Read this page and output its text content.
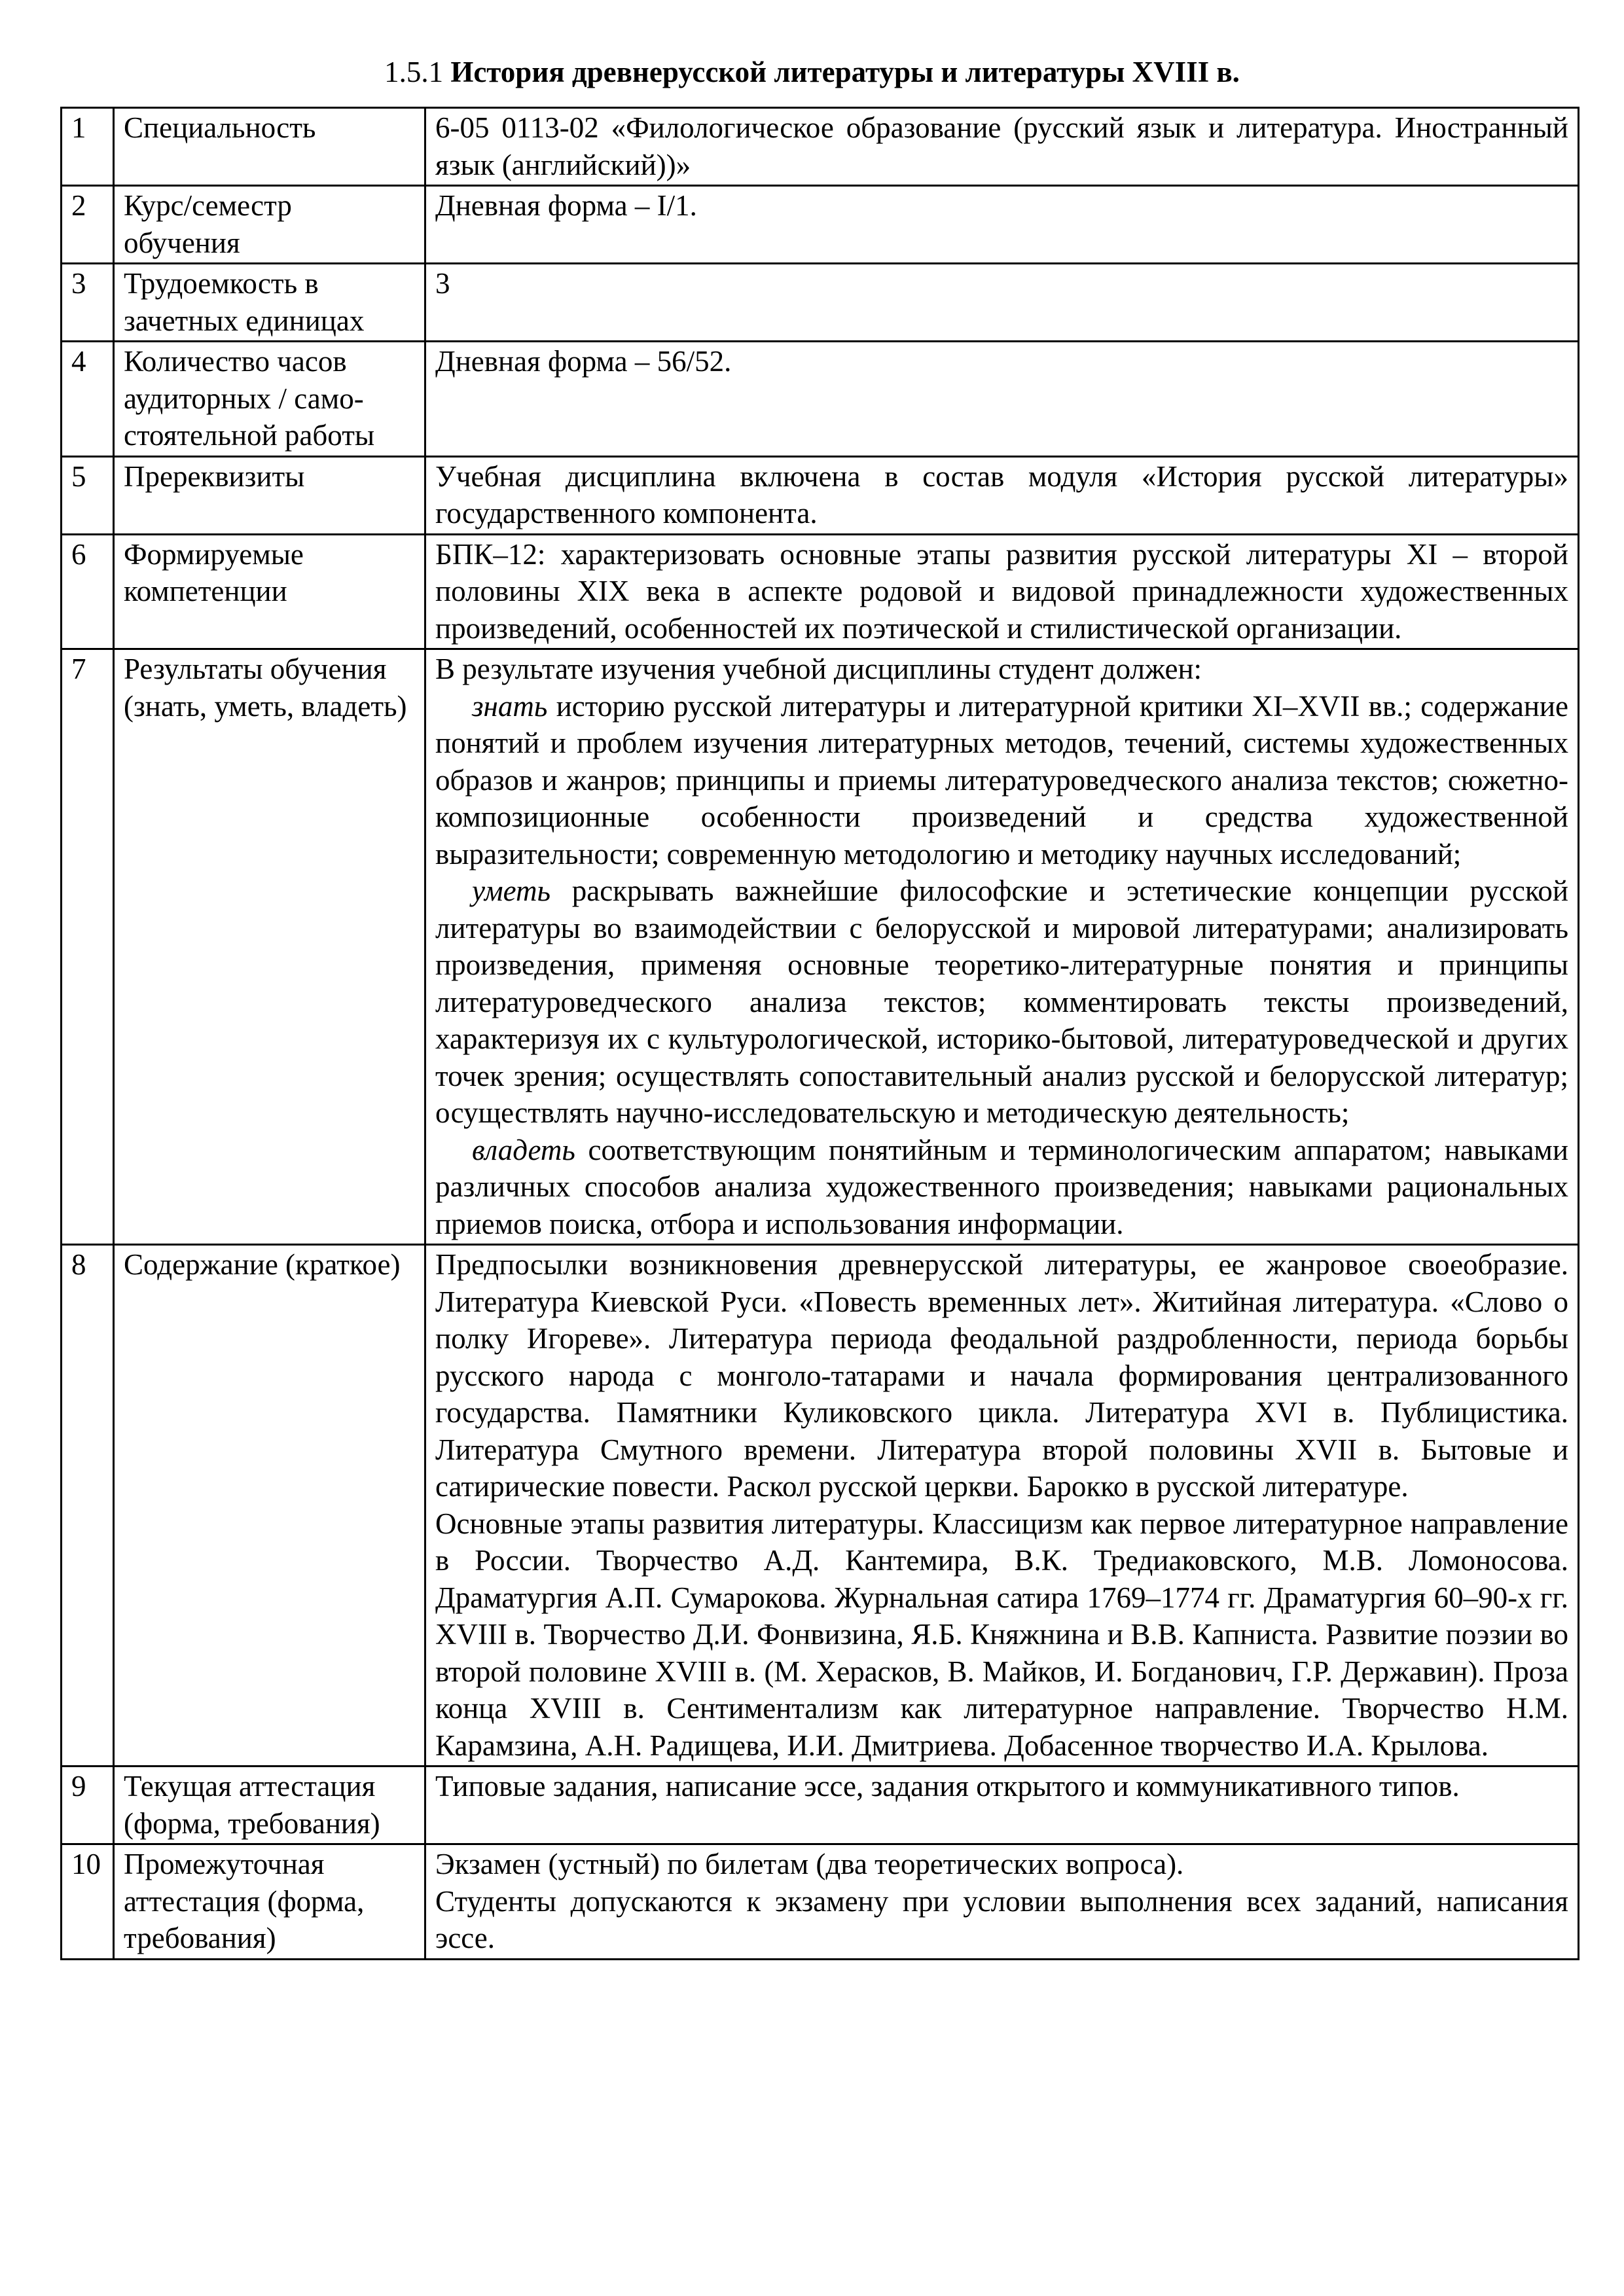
1.5.1 История древнерусской литературы и литературы XVIII в.
1	Специальность	6-05 0113-02 «Филологическое образование (русский язык и литература. Иностранный язык (английский))»

2	Курс/семестр обучения	Дневная форма – I/1.

3	Трудоемкость в зачетных единицах	3

4	Количество часов аудиторных / само-стоятельной работы	Дневная форма – 56/52.

5	Пререквизиты	Учебная дисциплина включена в состав модуля «История русской литературы» государственного компонента.

6	Формируемые компетенции	БПК–12: характеризовать основные этапы развития русской литературы XI – второй половины XIX века в аспекте родовой и видовой принадлежности художественных произведений, особенностей их поэтической и стилистической организации.

7	Результаты обучения (знать, уметь, владеть)	В результате изучения учебной дисциплины студент должен:
знать историю русской литературы и литературной критики XI–XVII вв.; содержание понятий и проблем изучения литературных методов, течений, системы художественных образов и жанров; принципы и приемы литературоведческого анализа текстов; сюжетно-композиционные особенности произведений и средства художественной выразительности; современную методологию и методику научных исследований;
уметь раскрывать важнейшие философские и эстетические концепции русской литературы во взаимодействии с белорусской и мировой литературами; анализировать произведения, применяя основные теоретико-литературные понятия и принципы литературоведческого анализа текстов; комментировать тексты произведений, характеризуя их с культурологической, историко-бытовой, литературоведческой и других точек зрения; осуществлять сопоставительный анализ русской и белорусской литератур; осуществлять научно-исследовательскую и методическую деятельность;
владеть соответствующим понятийным и терминологическим аппаратом; навыками различных способов анализа художественного произведения; навыками рациональных приемов поиска, отбора и использования информации.

8	Содержание (краткое)	Предпосылки возникновения древнерусской литературы, ее жанровое своеобразие. Литература Киевской Руси. «Повесть временных лет». Житийная литература. «Слово о полку Игореве». Литература периода феодальной раздробленности, периода борьбы русского народа с монголо-татарами и начала формирования централизованного государства. Памятники Куликовского цикла. Литература XVI в. Публицистика. Литература Смутного времени. Литература второй половины XVII в. Бытовые и сатирические повести. Раскол русской церкви. Барокко в русской литературе.
Основные этапы развития литературы. Классицизм как первое литературное направление в России. Творчество А.Д. Кантемира, В.К. Тредиаковского, М.В. Ломоносова. Драматургия А.П. Сумарокова. Журнальная сатира 1769–1774 гг. Драматургия 60–90-х гг. XVIII в. Творчество Д.И. Фонвизина, Я.Б. Княжнина и В.В. Капниста. Развитие поэзии во второй половине XVIII в. (М. Херасков, В. Майков, И. Богданович, Г.Р. Державин). Проза конца XVIII в. Сентиментализм как литературное направление. Творчество Н.М. Карамзина, А.Н. Радищева, И.И. Дмитриева. Добасенное творчество И.А. Крылова.

9	Текущая аттестация (форма, требования)	Типовые задания, написание эссе, задания открытого и коммуникативного типов.

10	Промежуточная аттестация (форма, требования)	Экзамен (устный) по билетам (два теоретических вопроса).
Студенты допускаются к экзамену при условии выполнения всех заданий, написания эссе.
